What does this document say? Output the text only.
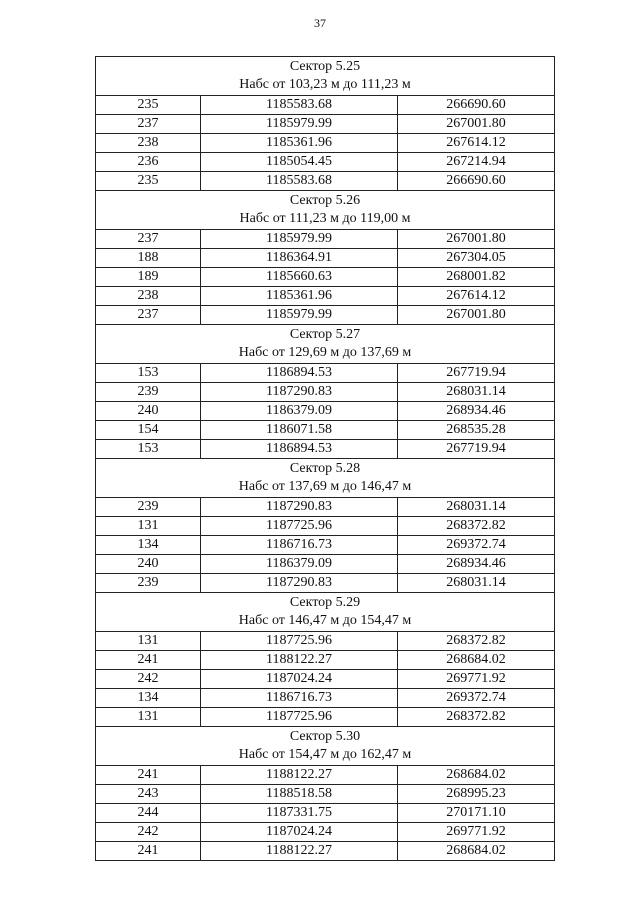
37
Сектор 5.25
Набс от 103,23 м до 111,23 м		

235	1185583.68	266690.60
237	1185979.99	267001.80
238	1185361.96	267614.12
236	1185054.45	267214.94
235	1185583.68	266690.60

Сектор 5.26
Набс от 111,23 м до 119,00 м		

237	1185979.99	267001.80
188	1186364.91	267304.05
189	1185660.63	268001.82
238	1185361.96	267614.12
237	1185979.99	267001.80

Сектор 5.27
Набс от 129,69 м до 137,69 м		

153	1186894.53	267719.94
239	1187290.83	268031.14
240	1186379.09	268934.46
154	1186071.58	268535.28
153	1186894.53	267719.94

Сектор 5.28
Набс от 137,69 м до 146,47 м		

239	1187290.83	268031.14
131	1187725.96	268372.82
134	1186716.73	269372.74
240	1186379.09	268934.46
239	1187290.83	268031.14

Сектор 5.29
Набс от 146,47 м до 154,47 м		

131	1187725.96	268372.82
241	1188122.27	268684.02
242	1187024.24	269771.92
134	1186716.73	269372.74
131	1187725.96	268372.82

Сектор 5.30
Набс от 154,47 м до 162,47 м		

241	1188122.27	268684.02
243	1188518.58	268995.23
244	1187331.75	270171.10
242	1187024.24	269771.92
241	1188122.27	268684.02
